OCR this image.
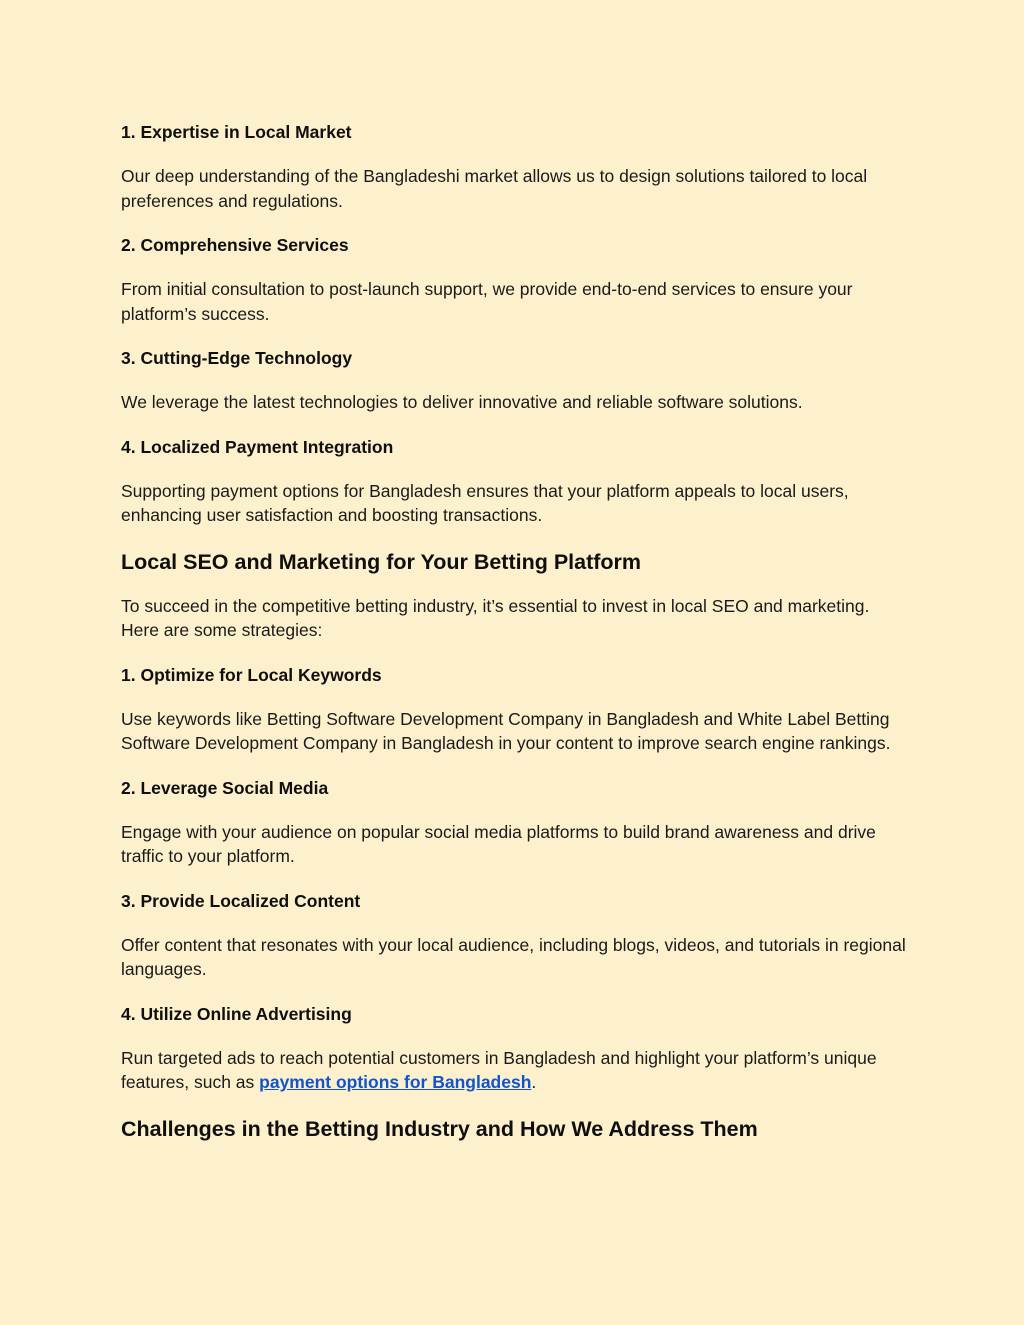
1. Expertise in Local Market
Our deep understanding of the Bangladeshi market allows us to design solutions tailored to local preferences and regulations.
2. Comprehensive Services
From initial consultation to post-launch support, we provide end-to-end services to ensure your platform’s success.
3. Cutting-Edge Technology
We leverage the latest technologies to deliver innovative and reliable software solutions.
4. Localized Payment Integration
Supporting payment options for Bangladesh ensures that your platform appeals to local users, enhancing user satisfaction and boosting transactions.
Local SEO and Marketing for Your Betting Platform
To succeed in the competitive betting industry, it’s essential to invest in local SEO and marketing. Here are some strategies:
1. Optimize for Local Keywords
Use keywords like Betting Software Development Company in Bangladesh and White Label Betting Software Development Company in Bangladesh in your content to improve search engine rankings.
2. Leverage Social Media
Engage with your audience on popular social media platforms to build brand awareness and drive traffic to your platform.
3. Provide Localized Content
Offer content that resonates with your local audience, including blogs, videos, and tutorials in regional languages.
4. Utilize Online Advertising
Run targeted ads to reach potential customers in Bangladesh and highlight your platform’s unique features, such as payment options for Bangladesh.
Challenges in the Betting Industry and How We Address Them
